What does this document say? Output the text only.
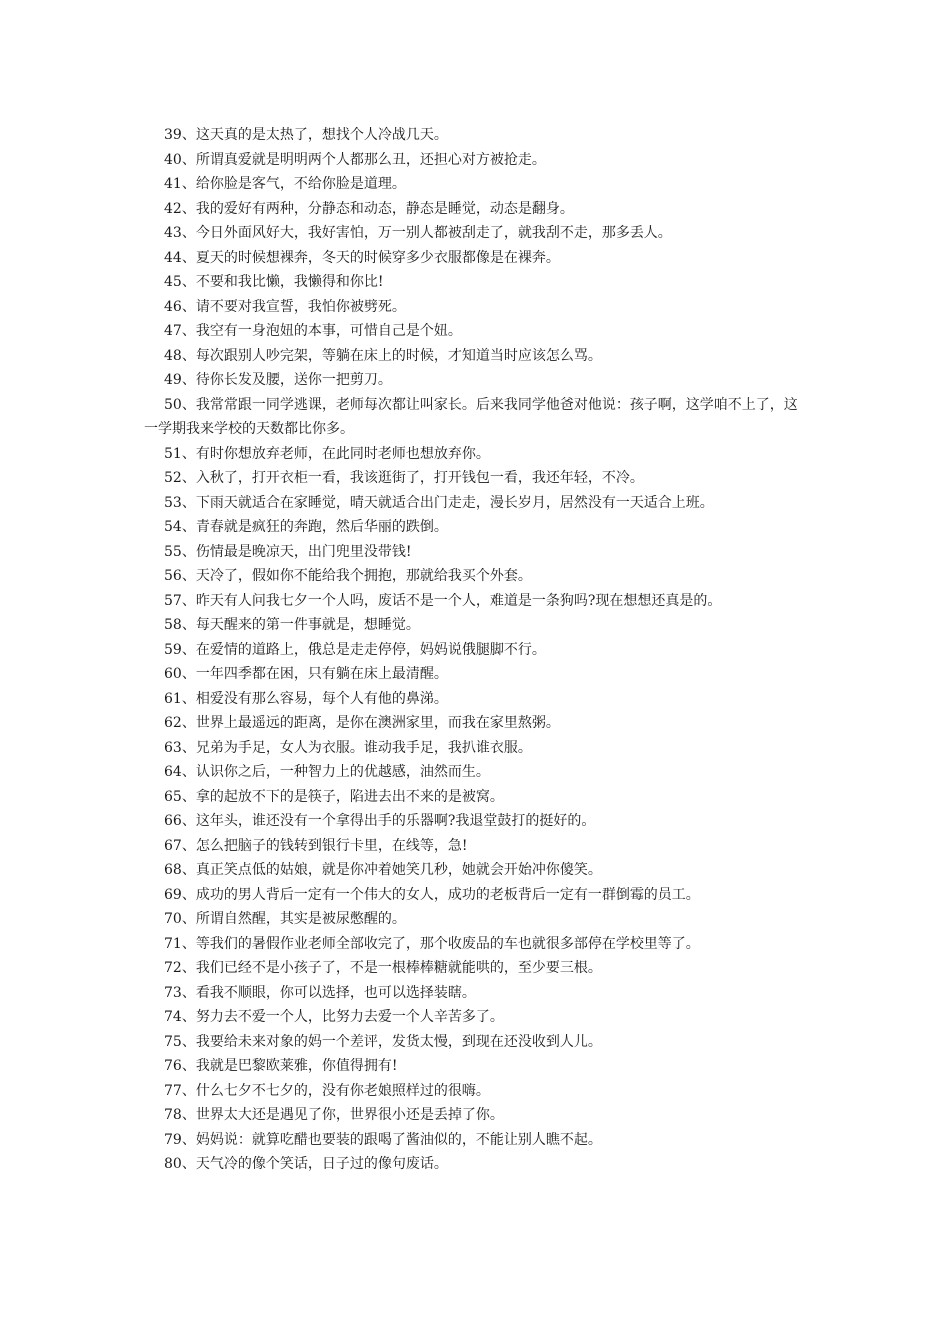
39、这天真的是太热了，想找个人冷战几天。

40、所谓真爱就是明明两个人都那么丑，还担心对方被抢走。

41、给你脸是客气，不给你脸是道理。

42、我的爱好有两种，分静态和动态，静态是睡觉，动态是翻身。

43、今日外面风好大，我好害怕，万一别人都被刮走了，就我刮不走，那多丢人。

44、夏天的时候想裸奔，冬天的时候穿多少衣服都像是在裸奔。

45、不要和我比懒，我懒得和你比!

46、请不要对我宣誓，我怕你被劈死。

47、我空有一身泡妞的本事，可惜自己是个妞。

48、每次跟别人吵完架，等躺在床上的时候，才知道当时应该怎么骂。

49、待你长发及腰，送你一把剪刀。

50、我常常跟一同学逃课，老师每次都让叫家长。后来我同学他爸对他说：孩子啊，这学咱不上了，这一学期我来学校的天数都比你多。

51、有时你想放弃老师，在此同时老师也想放弃你。

52、入秋了，打开衣柜一看，我该逛街了，打开钱包一看，我还年轻，不冷。

53、下雨天就适合在家睡觉，晴天就适合出门走走，漫长岁月，居然没有一天适合上班。

54、青春就是疯狂的奔跑，然后华丽的跌倒。

55、伤情最是晚凉天，出门兜里没带钱!

56、天冷了，假如你不能给我个拥抱，那就给我买个外套。

57、昨天有人问我七夕一个人吗，废话不是一个人，难道是一条狗吗?现在想想还真是的。

58、每天醒来的第一件事就是，想睡觉。

59、在爱情的道路上，俄总是走走停停，妈妈说俄腿脚不行。

60、一年四季都在困，只有躺在床上最清醒。

61、相爱没有那么容易，每个人有他的鼻涕。

62、世界上最遥远的距离，是你在澳洲家里，而我在家里熬粥。

63、兄弟为手足，女人为衣服。谁动我手足，我扒谁衣服。

64、认识你之后，一种智力上的优越感，油然而生。

65、拿的起放不下的是筷子，陷进去出不来的是被窝。

66、这年头，谁还没有一个拿得出手的乐器啊?我退堂鼓打的挺好的。

67、怎么把脑子的钱转到银行卡里，在线等，急!

68、真正笑点低的姑娘，就是你冲着她笑几秒，她就会开始冲你傻笑。

69、成功的男人背后一定有一个伟大的女人，成功的老板背后一定有一群倒霉的员工。

70、所谓自然醒，其实是被尿憋醒的。

71、等我们的暑假作业老师全部收完了，那个收废品的车也就很多部停在学校里等了。

72、我们已经不是小孩子了，不是一根棒棒糖就能哄的，至少要三根。

73、看我不顺眼，你可以选择，也可以选择装瞎。

74、努力去不爱一个人，比努力去爱一个人辛苦多了。

75、我要给未来对象的妈一个差评，发货太慢，到现在还没收到人儿。

76、我就是巴黎欧莱雅，你值得拥有!

77、什么七夕不七夕的，没有你老娘照样过的很嗨。

78、世界太大还是遇见了你，世界很小还是丢掉了你。

79、妈妈说：就算吃醋也要装的跟喝了酱油似的，不能让别人瞧不起。

80、天气冷的像个笑话，日子过的像句废话。
